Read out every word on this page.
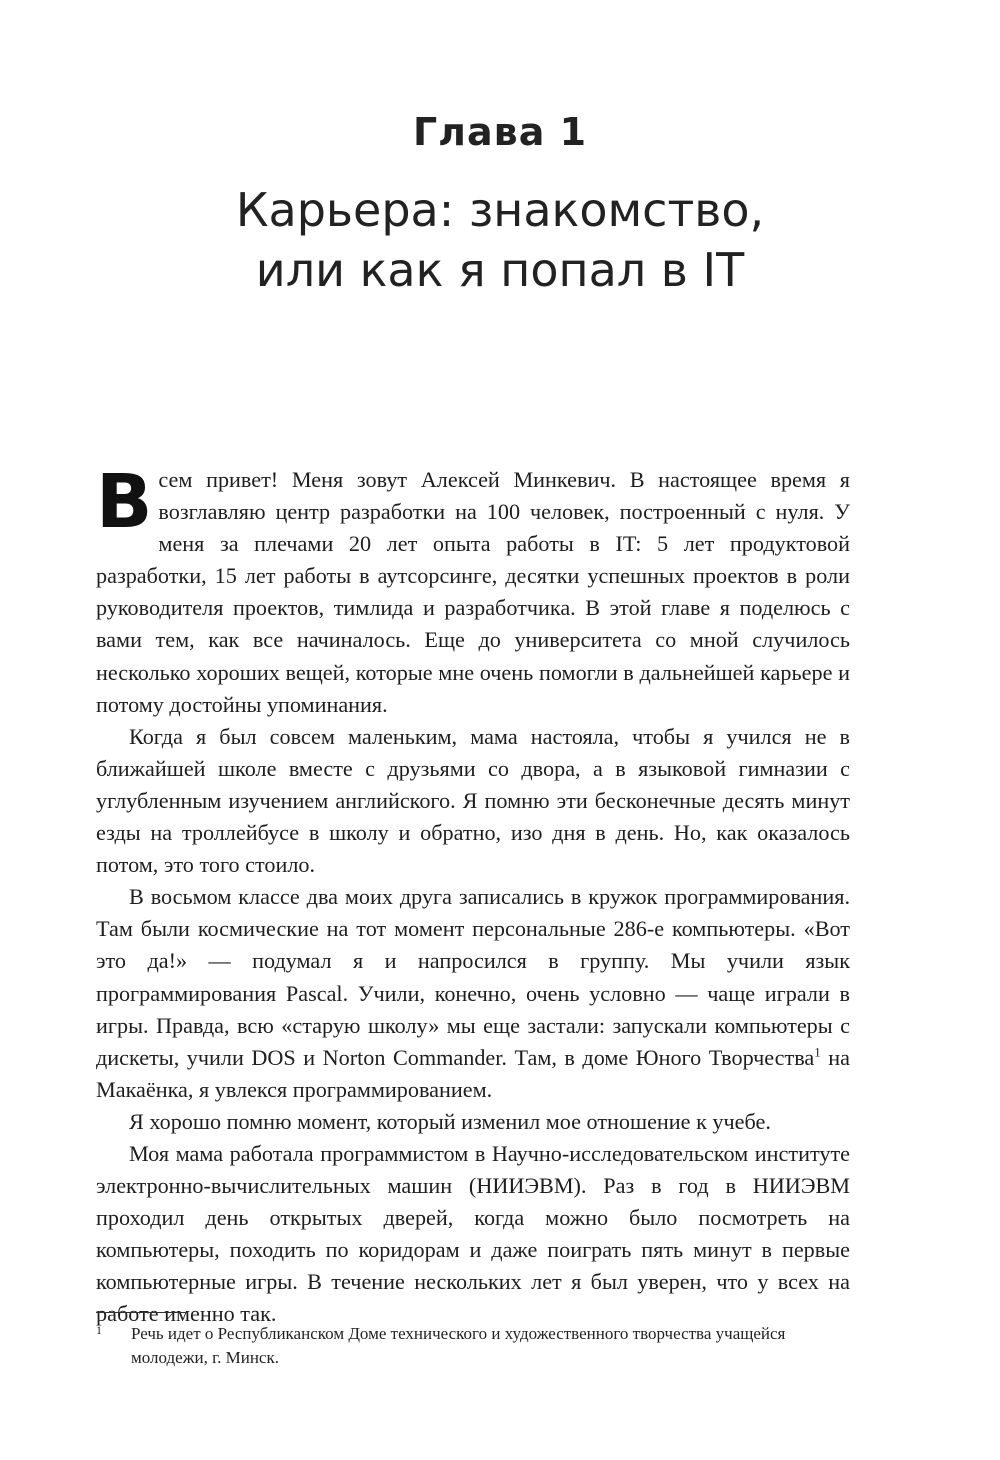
Глава 1
Карьера: знакомство,
или как я попал в IT

Всем привет! Меня зовут Алексей Минкевич. В настоящее время я возглавляю центр разработки на 100 человек, построенный с нуля. У меня за плечами 20 лет опыта работы в IT: 5 лет продуктовой разработки, 15 лет работы в аутсорсинге, десятки успешных проектов в роли руководителя проектов, тимлида и разработчика. В этой главе я поделюсь с вами тем, как все начиналось. Еще до университета со мной случилось несколько хороших вещей, которые мне очень помогли в дальнейшей карьере и потому достойны упоминания.

Когда я был совсем маленьким, мама настояла, чтобы я учился не в ближайшей школе вместе с друзьями со двора, а в языковой гимназии с углубленным изучением английского. Я помню эти бесконечные десять минут езды на троллейбусе в школу и обратно, изо дня в день. Но, как оказалось потом, это того стоило.

В восьмом классе два моих друга записались в кружок программирования. Там были космические на тот момент персональные 286-е компьютеры. «Вот это да!» — подумал я и напросился в группу. Мы учили язык программирования Pascal. Учили, конечно, очень условно — чаще играли в игры. Правда, всю «старую школу» мы еще застали: запускали компьютеры с дискеты, учили DOS и Norton Commander. Там, в доме Юного Творчества$^1$ на Макаёнка, я увлекся программированием.

Я хорошо помню момент, который изменил мое отношение к учебе.

Моя мама работала программистом в Научно-исследовательском институте электронно-вычислительных машин (НИИЭВМ). Раз в год в НИИЭВМ проходил день открытых дверей, когда можно было посмотреть на компьютеры, походить по коридорам и даже поиграть пять минут в первые компьютерные игры. В течение нескольких лет я был уверен, что у всех на работе именно так.

1	Речь идет о Республиканском Доме технического и художественного творчества учащейся молодежи, г. Минск.
